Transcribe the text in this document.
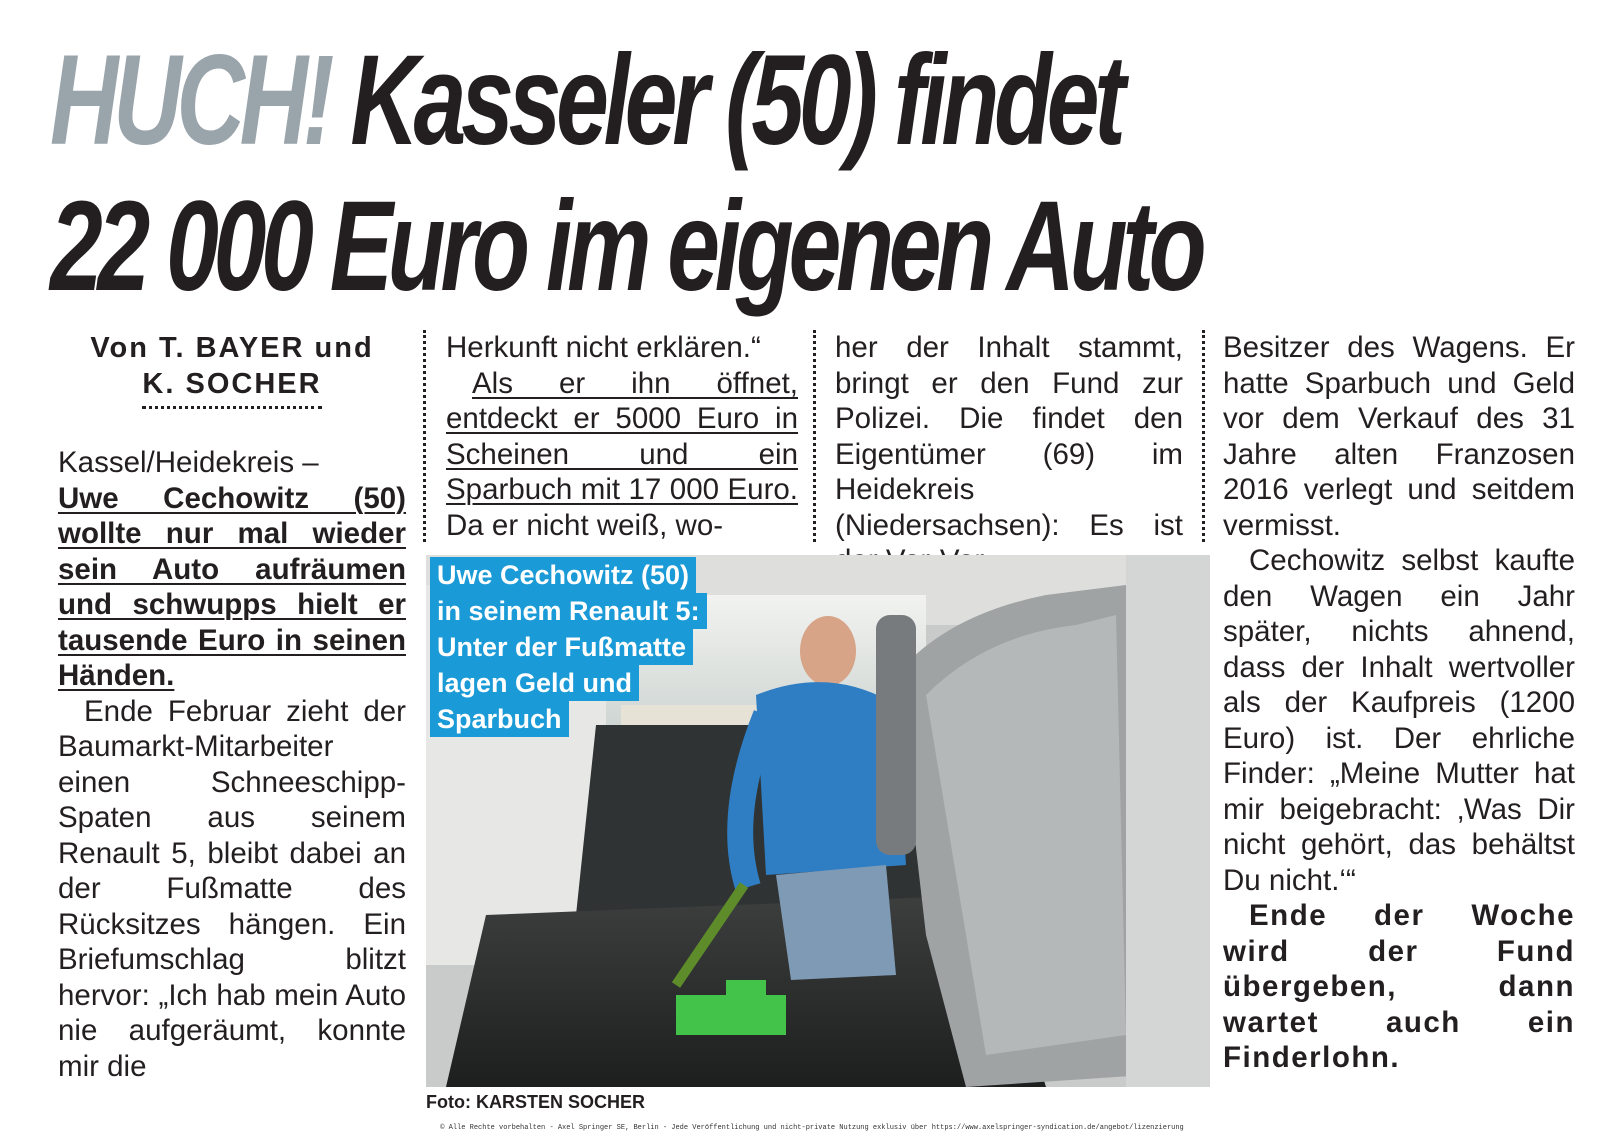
HUCH! Kasseler (50) findet
22 000 Euro im eigenen Auto
Von T. BAYER und
K. SOCHER

Kassel/Heidekreis –

Uwe Cechowitz (50) wollte nur mal wieder sein Auto aufräumen und schwupps hielt er tausende Euro in seinen Händen.

Ende Februar zieht der Baumarkt-Mitarbeiter einen Schneeschipp-Spaten aus seinem Renault 5, bleibt dabei an der Fußmatte des Rücksitzes hängen. Ein Briefumschlag blitzt hervor: „Ich hab mein Auto nie aufgeräumt, konnte mir die

Herkunft nicht erklären.“

Als er ihn öffnet, entdeckt er 5000 Euro in Scheinen und ein Sparbuch mit 17 000 Euro. Da er nicht weiß, wo-

her der Inhalt stammt, bringt er den Fund zur Polizei. Die findet den Eigentümer (69) im Heidekreis (Niedersachsen): Es ist

Besitzer des Wagens. Er hatte Sparbuch und Geld vor dem Verkauf des 31 Jahre alten Franzosen 2016 verlegt und seitdem vermisst.

Cechowitz selbst kaufte den Wagen ein Jahr später, nichts ahnend, dass der Inhalt wertvoller als der Kaufpreis (1200 Euro) ist. Der ehrliche Finder: „Meine Mutter hat mir beigebracht: ‚Was Dir nicht gehört, das behältst Du nicht.‘“

Ende der Woche wird der Fund übergeben, dann wartet auch ein Finderlohn.

Uwe Cechowitz (50)
in seinem Renault 5:
Unter der Fußmatte
lagen Geld und
Sparbuch
Foto: KARSTEN SOCHER
© Alle Rechte vorbehalten - Axel Springer SE, Berlin - Jede Veröffentlichung und nicht-private Nutzung exklusiv über https://www.axelspringer-syndication.de/angebot/lizenzierung
